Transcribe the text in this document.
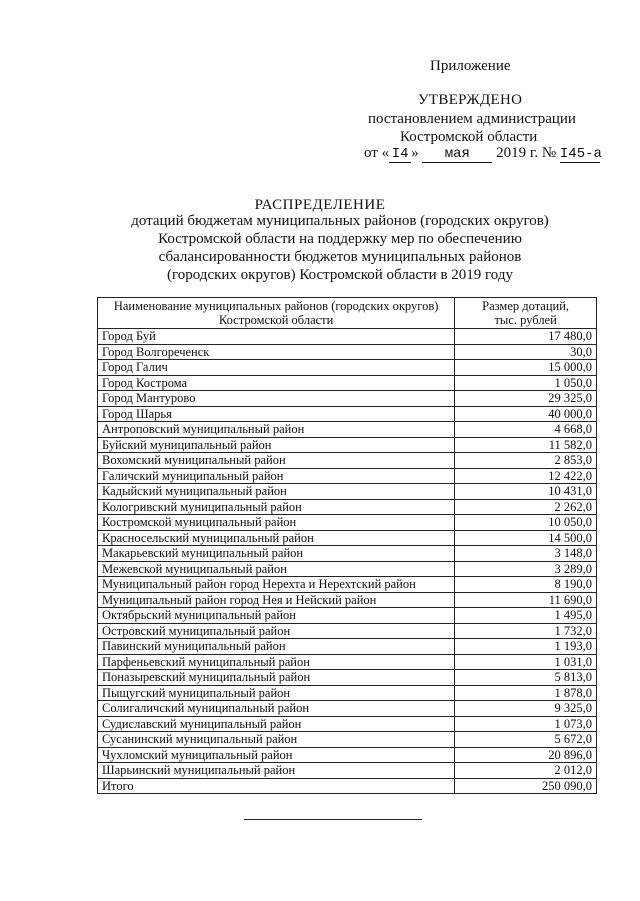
Приложение
УТВЕРЖДЕНО
постановлением администрации
Костромской области
от « I4 » мая 2019 г. № I45-а
РАСПРЕДЕЛЕНИЕ
дотаций бюджетам муниципальных районов (городских округов)
Костромской области на поддержку мер по обеспечению
сбалансированности бюджетов муниципальных районов
(городских округов) Костромской области в 2019 году
Наименование муниципальных районов (городских округов)
Костромской области	Размер дотаций,
тыс. рублей
Город Буй	17 480,0
Город Волгореченск	30,0
Город Галич	15 000,0
Город Кострома	1 050,0
Город Мантурово	29 325,0
Город Шарья	40 000,0
Антроповский муниципальный район	4 668,0
Буйский муниципальный район	11 582,0
Вохомский муниципальный район	2 853,0
Галичский муниципальный район	12 422,0
Кадыйский муниципальный район	10 431,0
Кологривский муниципальный район	2 262,0
Костромской муниципальный район	10 050,0
Красносельский муниципальный район	14 500,0
Макарьевский муниципальный район	3 148,0
Межевской муниципальный район	3 289,0
Муниципальный район город Нерехта и Нерехтский район	8 190,0
Муниципальный район город Нея и Нейский район	11 690,0
Октябрьский муниципальный район	1 495,0
Островский муниципальный район	1 732,0
Павинский муниципальный район	1 193,0
Парфеньевский муниципальный район	1 031,0
Поназыревский муниципальный район	5 813,0
Пыщугский муниципальный район	1 878,0
Солигаличский муниципальный район	9 325,0
Судиславский муниципальный район	1 073,0
Сусанинский муниципальный район	5 672,0
Чухломский муниципальный район	20 896,0
Шарьинский муниципальный район	2 012,0
Итого	250 090,0
